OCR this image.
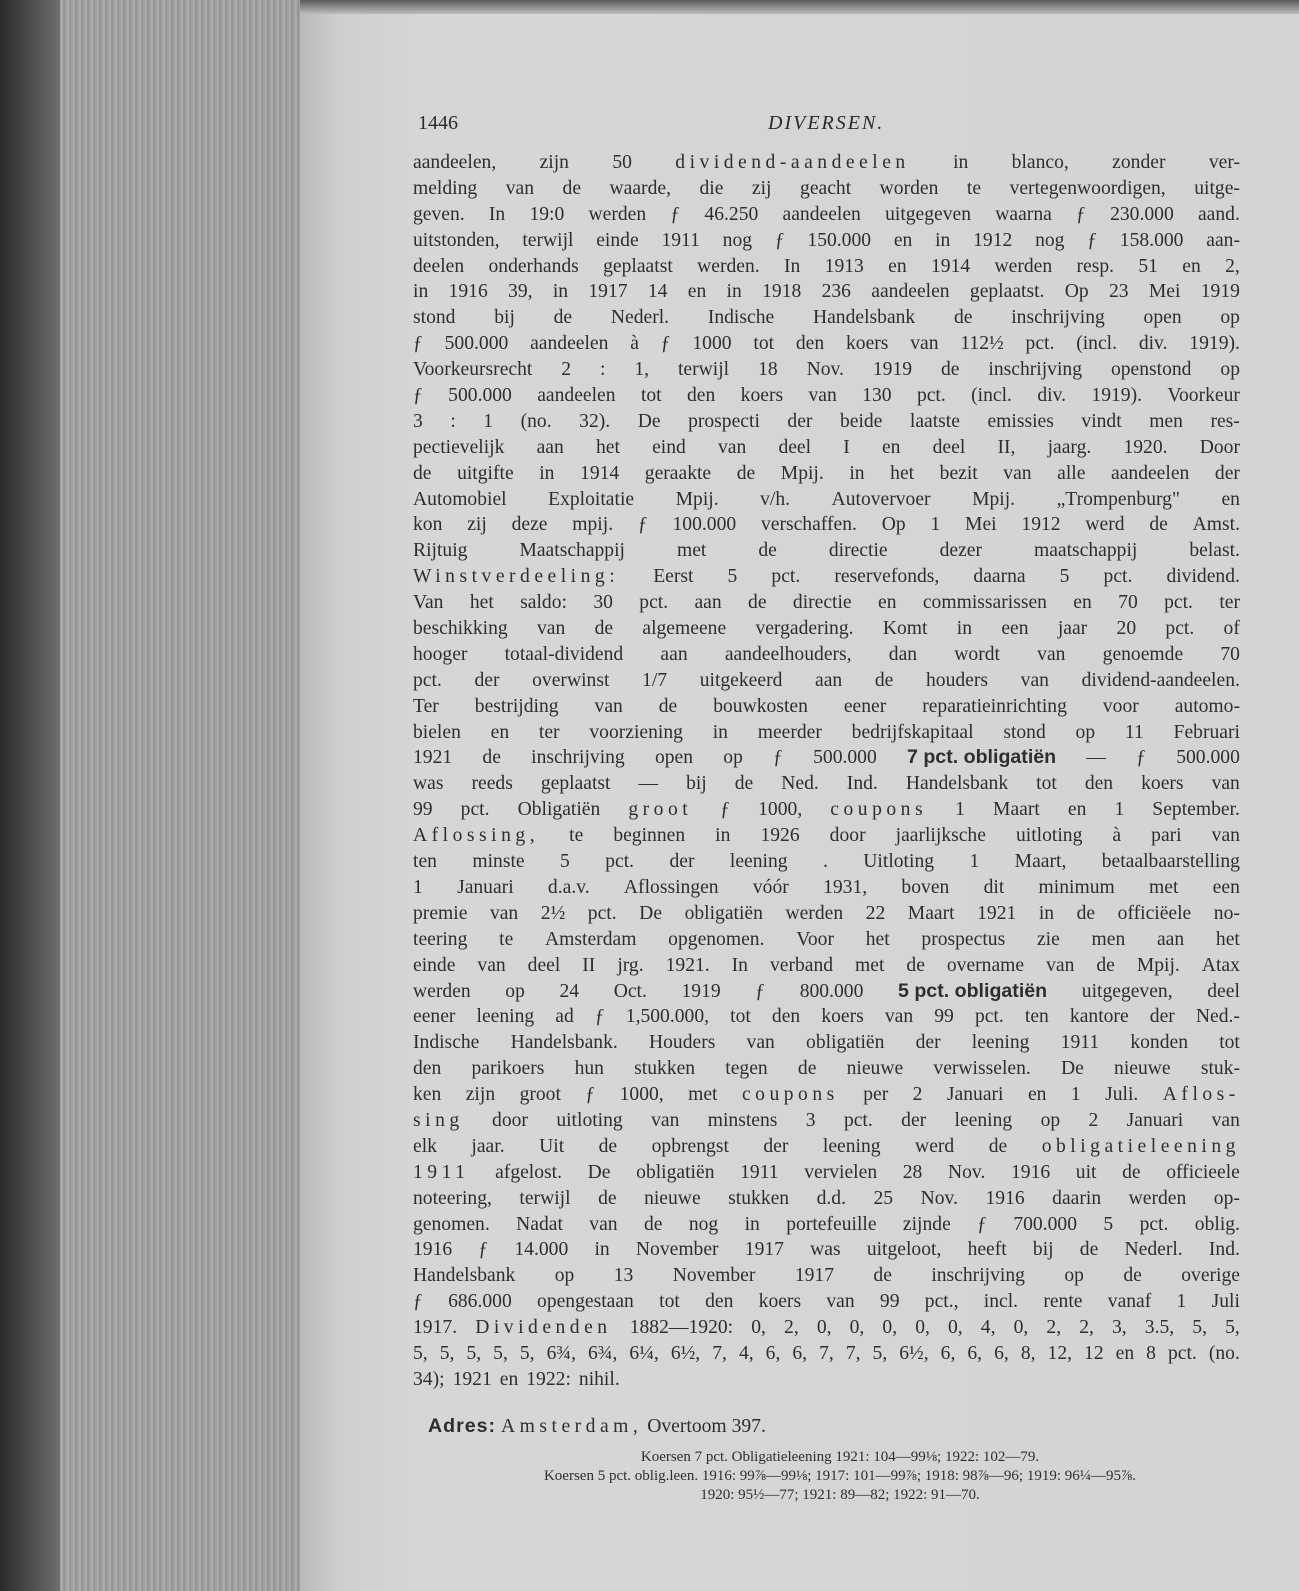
1446	DIVERSEN.
aandeelen, zijn 50 dividend-aandeelen in blanco, zonder ver-
melding van de waarde, die zij geacht worden te vertegenwoordigen, uitge-
geven. In 19:0 werden ƒ 46.250 aandeelen uitgegeven waarna ƒ 230.000 aand.
uitstonden, terwijl einde 1911 nog ƒ 150.000 en in 1912 nog ƒ 158.000 aan-
deelen onderhands geplaatst werden. In 1913 en 1914 werden resp. 51 en 2,
in 1916 39, in 1917 14 en in 1918 236 aandeelen geplaatst. Op 23 Mei 1919
stond bij de Nederl. Indische Handelsbank de inschrijving open op
ƒ 500.000 aandeelen à ƒ 1000 tot den koers van 112½ pct. (incl. div. 1919).
Voorkeursrecht 2 : 1, terwijl 18 Nov. 1919 de inschrijving openstond op
ƒ 500.000 aandeelen tot den koers van 130 pct. (incl. div. 1919). Voorkeur
3 : 1 (no. 32). De prospecti der beide laatste emissies vindt men res-
pectievelijk aan het eind van deel I en deel II, jaarg. 1920. Door
de uitgifte in 1914 geraakte de Mpij. in het bezit van alle aandeelen der
Automobiel Exploitatie Mpij. v/h. Autovervoer Mpij. „Trompenburg" en
kon zij deze mpij. ƒ 100.000 verschaffen. Op 1 Mei 1912 werd de Amst.
Rijtuig	Maatschappij	met	de	directie	dezer	maatschappij	belast.
Winstverdeeling: Eerst 5 pct. reservefonds, daarna 5 pct. dividend.
Van het saldo: 30 pct. aan de directie en commissarissen en 70 pct. ter
beschikking van de algemeene vergadering. Komt in een jaar 20 pct. of
hooger totaal-dividend aan aandeelhouders, dan wordt van genoemde 70
pct. der overwinst 1/7 uitgekeerd aan de houders van dividend-aandeelen.
Ter bestrijding van de bouwkosten eener reparatieinrichting voor automo-
bielen en ter voorziening in meerder bedrijfskapitaal stond op 11 Februari
1921 de inschrijving open op ƒ 500.000 7 pct. obligatiën — ƒ 500.000
was reeds geplaatst — bij de Ned. Ind. Handelsbank tot den koers van
99 pct. Obligatiën groot ƒ 1000, coupons 1 Maart en 1 September.
Aflossing, te beginnen in 1926 door jaarlijksche uitloting à pari van
ten minste 5 pct. der leening . Uitloting 1 Maart, betaalbaarstelling
1 Januari d.a.v. Aflossingen vóór 1931, boven dit minimum met een
premie van 2½ pct. De obligatiën werden 22 Maart 1921 in de officiëele no-
teering te Amsterdam opgenomen. Voor het prospectus zie men aan het
einde van deel II jrg. 1921. In verband met de overname van de Mpij. Atax
werden op 24 Oct. 1919 ƒ 800.000 5 pct. obligatiën uitgegeven, deel
eener leening ad ƒ 1,500.000, tot den koers van 99 pct. ten kantore der Ned.-
Indische Handelsbank. Houders van obligatiën der leening 1911 konden tot
den parikoers hun stukken tegen de nieuwe verwisselen. De nieuwe stuk-
ken zijn groot ƒ 1000, met coupons per 2 Januari en 1 Juli. Aflos-
sing door uitloting van minstens 3 pct. der leening op 2 Januari van
elk jaar. Uit de opbrengst der leening werd de obligatieleening
1911 afgelost. De obligatiën 1911 vervielen 28 Nov. 1916 uit de officieele
noteering, terwijl de nieuwe stukken d.d. 25 Nov. 1916 daarin werden op-
genomen. Nadat van de nog in portefeuille zijnde ƒ 700.000 5 pct. oblig.
1916 ƒ 14.000 in November 1917 was uitgeloot, heeft bij de Nederl. Ind.
Handelsbank op 13 November 1917 de inschrijving op de overige
ƒ 686.000 opengestaan tot den koers van 99 pct., incl. rente vanaf 1 Juli
1917. Dividenden 1882—1920: 0, 2, 0, 0, 0, 0, 0, 4, 0, 2, 2, 3, 3.5, 5, 5,
5, 5, 5, 5, 5, 6¾, 6¾, 6¼, 6½, 7, 4, 6, 6, 7, 7, 5, 6½, 6, 6, 6, 8, 12, 12 en 8 pct. (no.
34); 1921 en 1922: nihil.
Adres: Amsterdam, Overtoom 397.
Koersen 7 pct. Obligatieleening 1921: 104—99⅛; 1922: 102—79.
Koersen 5 pct. oblig.leen. 1916: 99⅞—99⅛; 1917: 101—99⅞; 1918: 98⅞—96; 1919: 96¼—95⅞.
1920: 95½—77; 1921: 89—82; 1922: 91—70.
